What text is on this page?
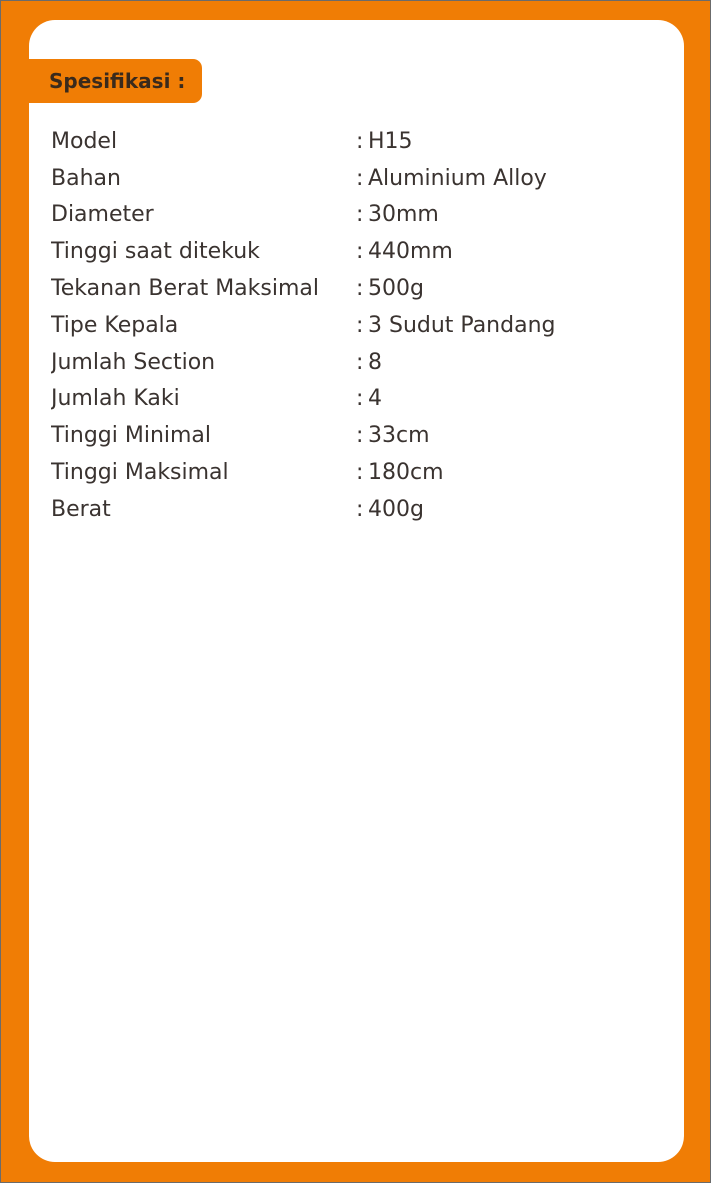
Spesifikasi :
Model	: H15
Bahan	: Aluminium Alloy
Diameter	: 30mm
Tinggi saat ditekuk	: 440mm
Tekanan Berat Maksimal	: 500g
Tipe Kepala	: 3 Sudut Pandang
Jumlah Section	: 8
Jumlah Kaki	: 4
Tinggi Minimal	: 33cm
Tinggi Maksimal	: 180cm
Berat	: 400g
